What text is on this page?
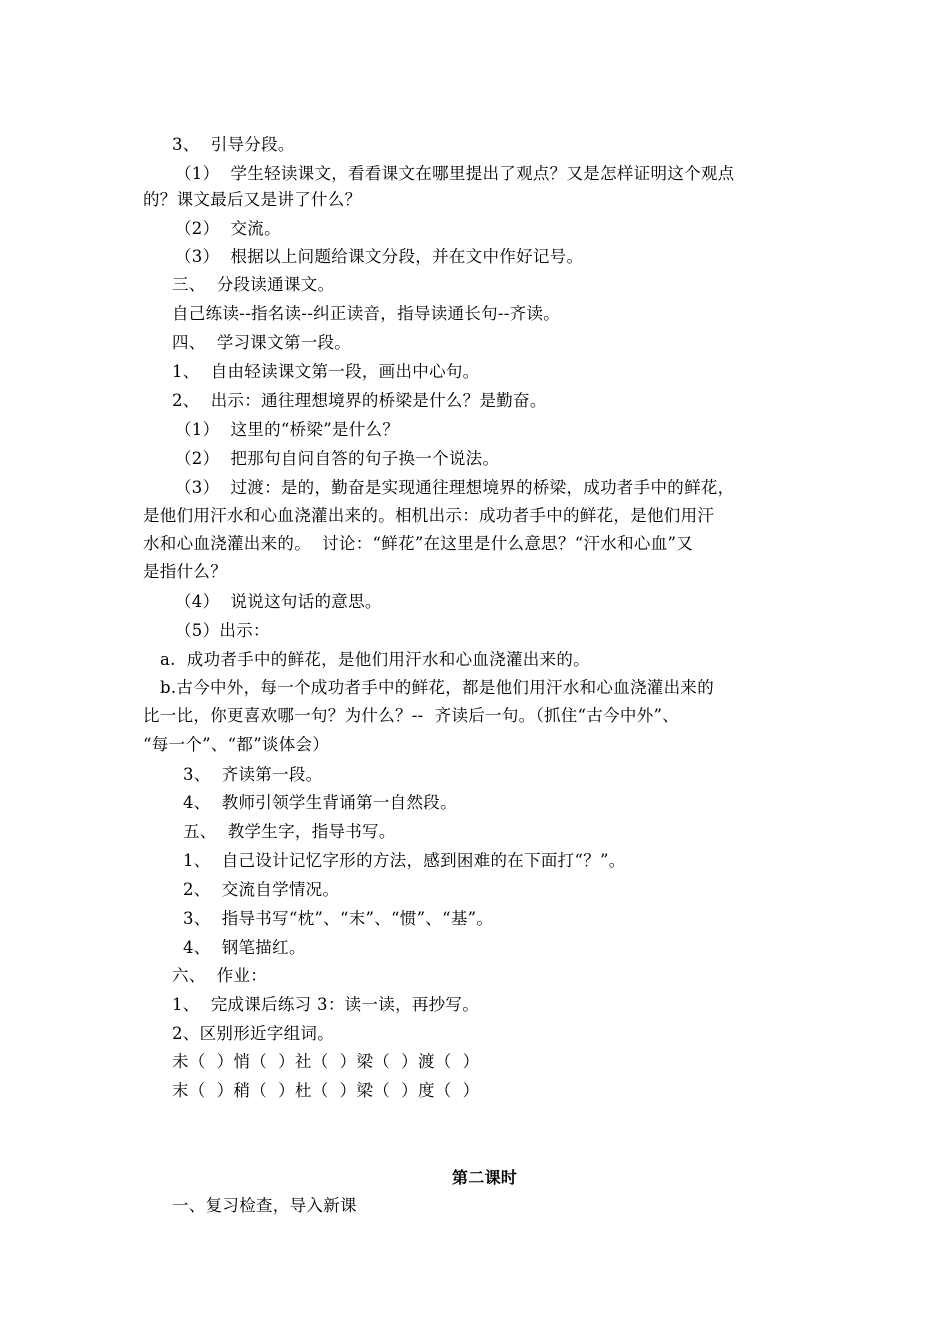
3、  引导分段。
（1）  学生轻读课文，看看课文在哪里提出了观点？又是怎样证明这个观点
的？课文最后又是讲了什么？
（2）  交流。
（3）  根据以上问题给课文分段，并在文中作好记号。
三、  分段读通课文。
自己练读--指名读--纠正读音，指导读通长句--齐读。
四、  学习课文第一段。
1、  自由轻读课文第一段，画出中心句。
2、  出示：通往理想境界的桥梁是什么？是勤奋。
（1）  这里的“桥梁”是什么？
（2）  把那句自问自答的句子换一个说法。
（3）  过渡：是的，勤奋是实现通往理想境界的桥梁，成功者手中的鲜花，
是他们用汗水和心血浇灌出来的。相机出示：成功者手中的鲜花，是他们用汗
水和心血浇灌出来的。  讨论：“鲜花”在这里是什么意思？“汗水和心血”又
是指什么？
（4）  说说这句话的意思。
（5）出示：
a.  成功者手中的鲜花，是他们用汗水和心血浇灌出来的。
b.古今中外，每一个成功者手中的鲜花，都是他们用汗水和心血浇灌出来的
比一比，你更喜欢哪一句？为什么？--  齐读后一句。（抓住“古今中外”、
“每一个”、“都”谈体会）
3、  齐读第一段。
4、  教师引领学生背诵第一自然段。
五、  教学生字，指导书写。
1、  自己设计记忆字形的方法，感到困难的在下面打“？”。
2、  交流自学情况。
3、  指导书写“枕”、“末”、“惯”、“基”。
4、  钢笔描红。
六、  作业：
1、  完成课后练习 3：读一读，再抄写。
2、区别形近字组词。
未（  ）悄（  ）社（  ）梁（  ）渡（  ）
末（  ）稍（  ）杜（  ）梁（  ）度（  ）
第二课时
一、复习检查，导入新课
